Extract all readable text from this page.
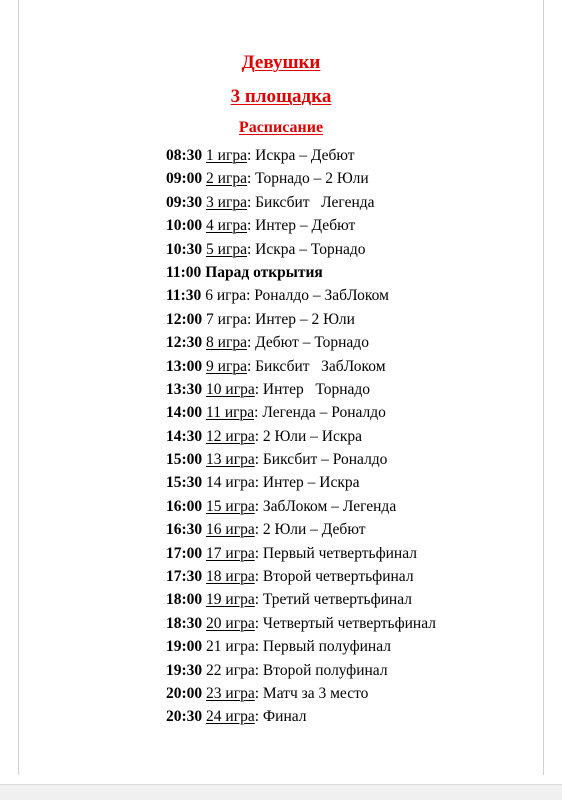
Девушки
3 площадка
Расписание
08:30 1 игра: Искра – Дебют
09:00 2 игра: Торнадо – 2 Юли
09:30 3 игра: Биксбит   Легенда
10:00 4 игра: Интер – Дебют
10:30 5 игра: Искра – Торнадо
11:00 Парад открытия
11:30 6 игра: Роналдо – ЗабЛоком
12:00 7 игра: Интер – 2 Юли
12:30 8 игра: Дебют – Торнадо
13:00 9 игра: Биксбит   ЗабЛоком
13:30 10 игра: Интер   Торнадо
14:00 11 игра: Легенда – Роналдо
14:30 12 игра: 2 Юли – Искра
15:00 13 игра: Биксбит – Роналдо
15:30 14 игра: Интер – Искра
16:00 15 игра: ЗабЛоком – Легенда
16:30 16 игра: 2 Юли – Дебют
17:00 17 игра: Первый четвертьфинал
17:30 18 игра: Второй четвертьфинал
18:00 19 игра: Третий четвертьфинал
18:30 20 игра: Четвертый четвертьфинал
19:00 21 игра: Первый полуфинал
19:30 22 игра: Второй полуфинал
20:00 23 игра: Матч за 3 место
20:30 24 игра: Финал
